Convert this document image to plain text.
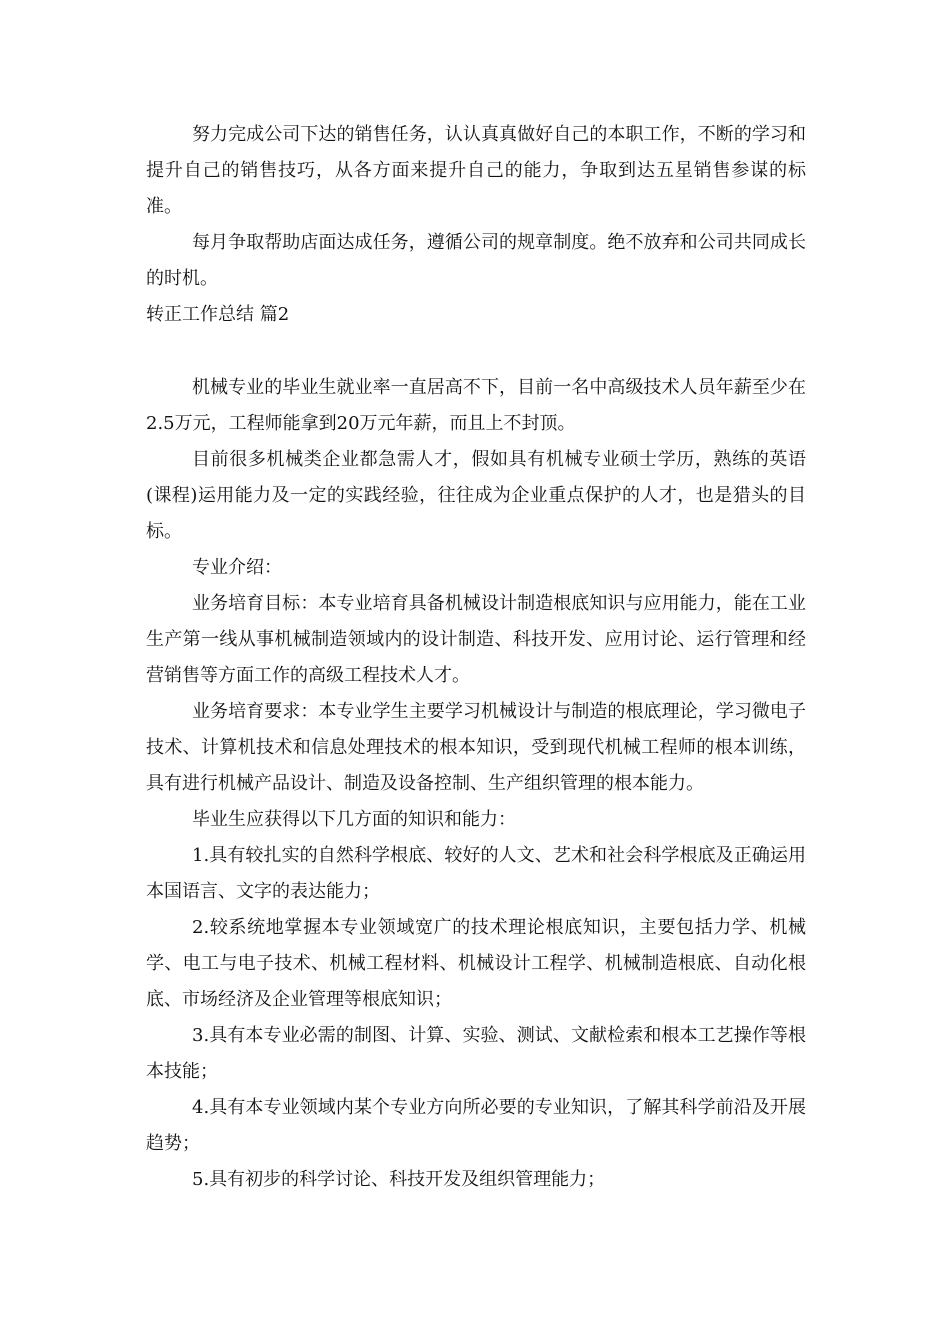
努力完成公司下达的销售任务，认认真真做好自己的本职工作，不断的学习和提升自己的销售技巧，从各方面来提升自己的能力，争取到达五星销售参谋的标准。

每月争取帮助店面达成任务，遵循公司的规章制度。绝不放弃和公司共同成长的时机。

转正工作总结 篇2

机械专业的毕业生就业率一直居高不下，目前一名中高级技术人员年薪至少在2.5万元，工程师能拿到20万元年薪，而且上不封顶。

目前很多机械类企业都急需人才，假如具有机械专业硕士学历，熟练的英语(课程)运用能力及一定的实践经验，往往成为企业重点保护的人才，也是猎头的目标。

专业介绍：

业务培育目标：本专业培育具备机械设计制造根底知识与应用能力，能在工业生产第一线从事机械制造领域内的设计制造、科技开发、应用讨论、运行管理和经营销售等方面工作的高级工程技术人才。

业务培育要求：本专业学生主要学习机械设计与制造的根底理论，学习微电子技术、计算机技术和信息处理技术的根本知识，受到现代机械工程师的根本训练，具有进行机械产品设计、制造及设备控制、生产组织管理的根本能力。

毕业生应获得以下几方面的知识和能力：

1.具有较扎实的自然科学根底、较好的人文、艺术和社会科学根底及正确运用本国语言、文字的表达能力；

2.较系统地掌握本专业领域宽广的技术理论根底知识，主要包括力学、机械学、电工与电子技术、机械工程材料、机械设计工程学、机械制造根底、自动化根底、市场经济及企业管理等根底知识；

3.具有本专业必需的制图、计算、实验、测试、文献检索和根本工艺操作等根本技能；

4.具有本专业领域内某个专业方向所必要的专业知识，了解其科学前沿及开展趋势；

5.具有初步的科学讨论、科技开发及组织管理能力；
